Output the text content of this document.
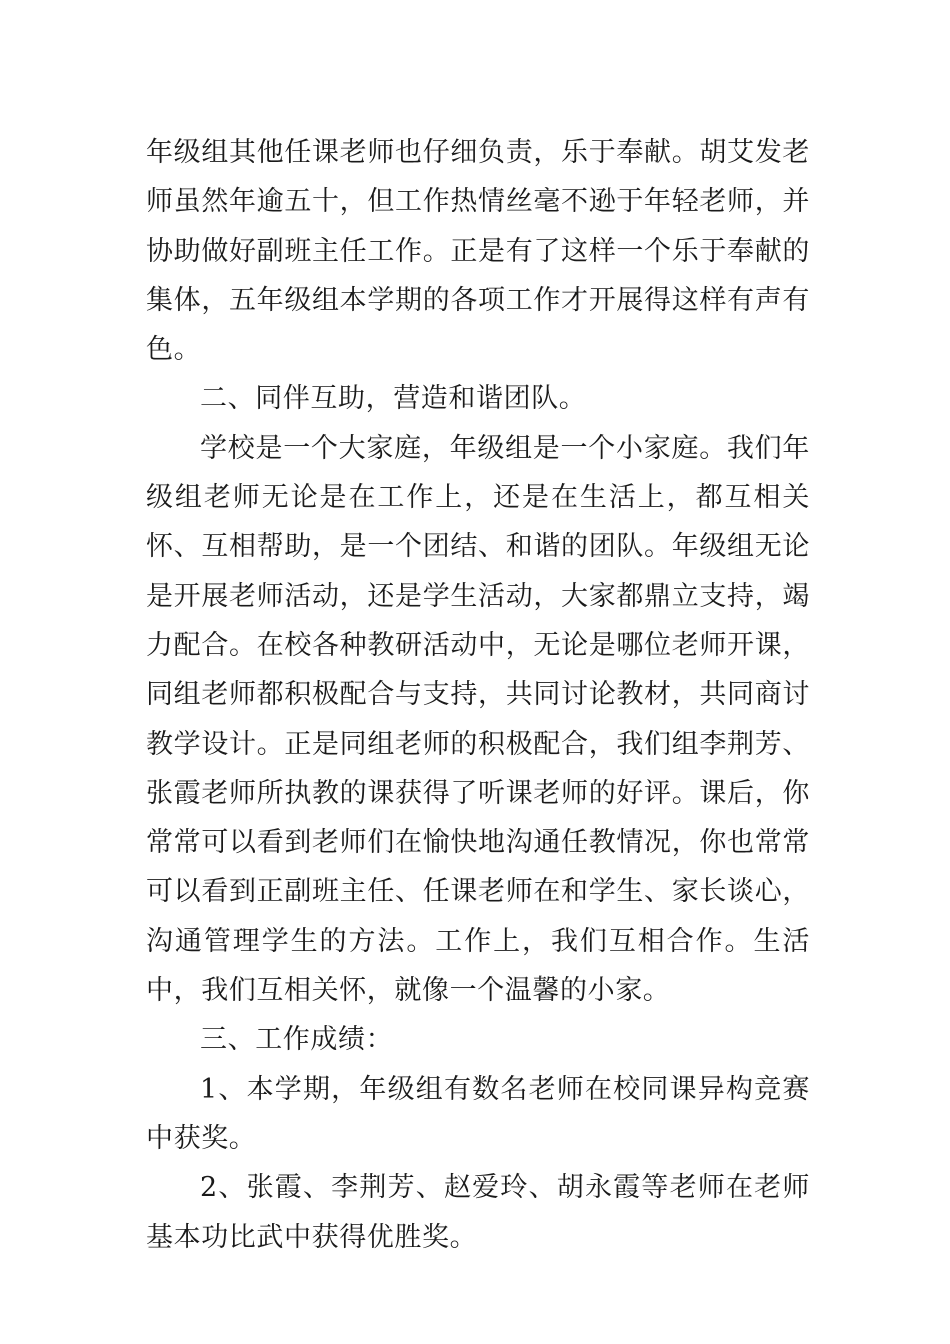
年级组其他任课老师也仔细负责，乐于奉献。胡艾发老师虽然年逾五十，但工作热情丝毫不逊于年轻老师，并协助做好副班主任工作。正是有了这样一个乐于奉献的集体，五年级组本学期的各项工作才开展得这样有声有色。

二、同伴互助，营造和谐团队。

学校是一个大家庭，年级组是一个小家庭。我们年级组老师无论是在工作上，还是在生活上，都互相关怀、互相帮助，是一个团结、和谐的团队。年级组无论是开展老师活动，还是学生活动，大家都鼎立支持，竭力配合。在校各种教研活动中，无论是哪位老师开课，同组老师都积极配合与支持，共同讨论教材，共同商讨教学设计。正是同组老师的积极配合，我们组李荆芳、张霞老师所执教的课获得了听课老师的好评。课后，你常常可以看到老师们在愉快地沟通任教情况，你也常常可以看到正副班主任、任课老师在和学生、家长谈心，沟通管理学生的方法。工作上，我们互相合作。生活中，我们互相关怀，就像一个温馨的小家。

三、工作成绩：

1、本学期，年级组有数名老师在校同课异构竞赛中获奖。

2、张霞、李荆芳、赵爱玲、胡永霞等老师在老师基本功比武中获得优胜奖。
